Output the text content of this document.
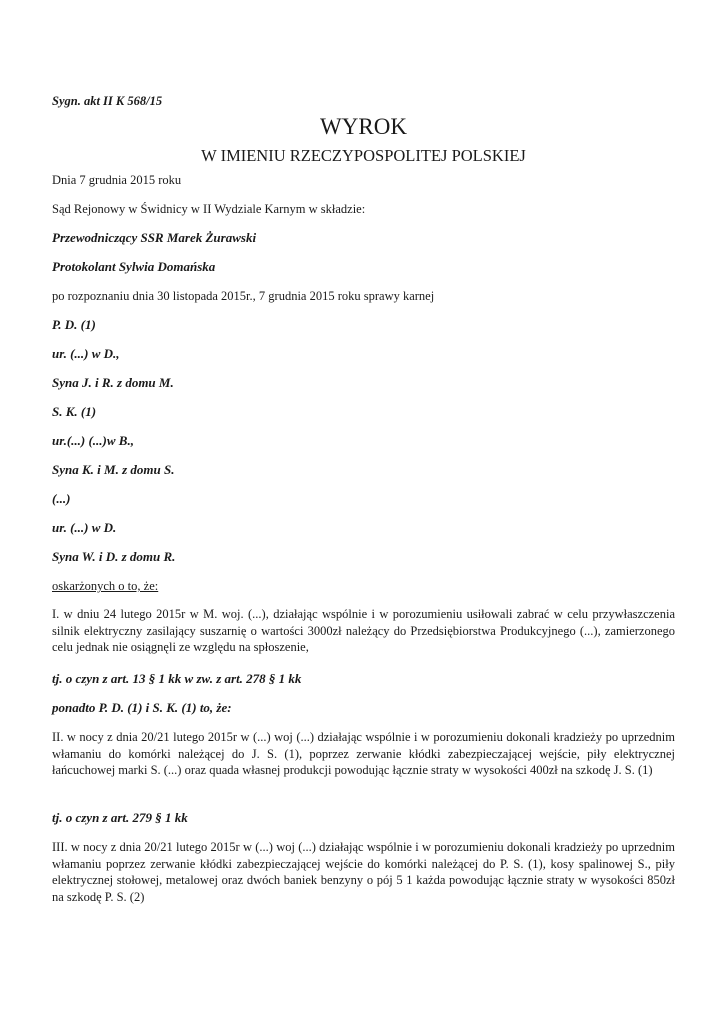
Sygn. akt II K 568/15
WYROK
W IMIENIU RZECZYPOSPOLITEJ POLSKIEJ
Dnia 7 grudnia 2015 roku
Sąd Rejonowy w Świdnicy w II Wydziale Karnym w składzie:
Przewodniczący SSR Marek Żurawski
Protokolant Sylwia Domańska
po rozpoznaniu dnia 30 listopada 2015r., 7 grudnia 2015 roku sprawy karnej
P. D. (1)
ur. (...) w D.,
Syna J. i R. z domu M.
S. K. (1)
ur.(...) (...)w B.,
Syna K. i M. z domu S.
(...)
ur. (...) w D.
Syna W. i D. z domu R.
oskarżonych o to, że:
I. w dniu 24 lutego 2015r w M. woj. (...), działając wspólnie i w porozumieniu usiłowali zabrać w celu przywłaszczenia silnik elektryczny zasilający suszarnię o wartości 3000zł należący do Przedsiębiorstwa Produkcyjnego (...), zamierzonego celu jednak nie osiągnęli ze względu na spłoszenie,
tj. o czyn z art. 13 § 1 kk w zw. z art. 278 § 1 kk
ponadto P. D. (1) i S. K. (1) to, że:
II. w nocy z dnia 20/21 lutego 2015r w (...) woj (...) działając wspólnie i w porozumieniu dokonali kradzieży po uprzednim włamaniu do komórki należącej do J. S. (1), poprzez zerwanie kłódki zabezpieczającej wejście, piły elektrycznej łańcuchowej marki S. (...) oraz quada własnej produkcji powodując łącznie straty w wysokości 400zł na szkodę J. S. (1)
tj. o czyn z art. 279 § 1 kk
III. w nocy z dnia 20/21 lutego 2015r w (...) woj (...) działając wspólnie i w porozumieniu dokonali kradzieży po uprzednim włamaniu poprzez zerwanie kłódki zabezpieczającej wejście do komórki należącej do P. S. (1), kosy spalinowej S., piły elektrycznej stołowej, metalowej oraz dwóch baniek benzyny o pój 5 1 każda powodując łącznie straty w wysokości 850zł na szkodę P. S. (2)
